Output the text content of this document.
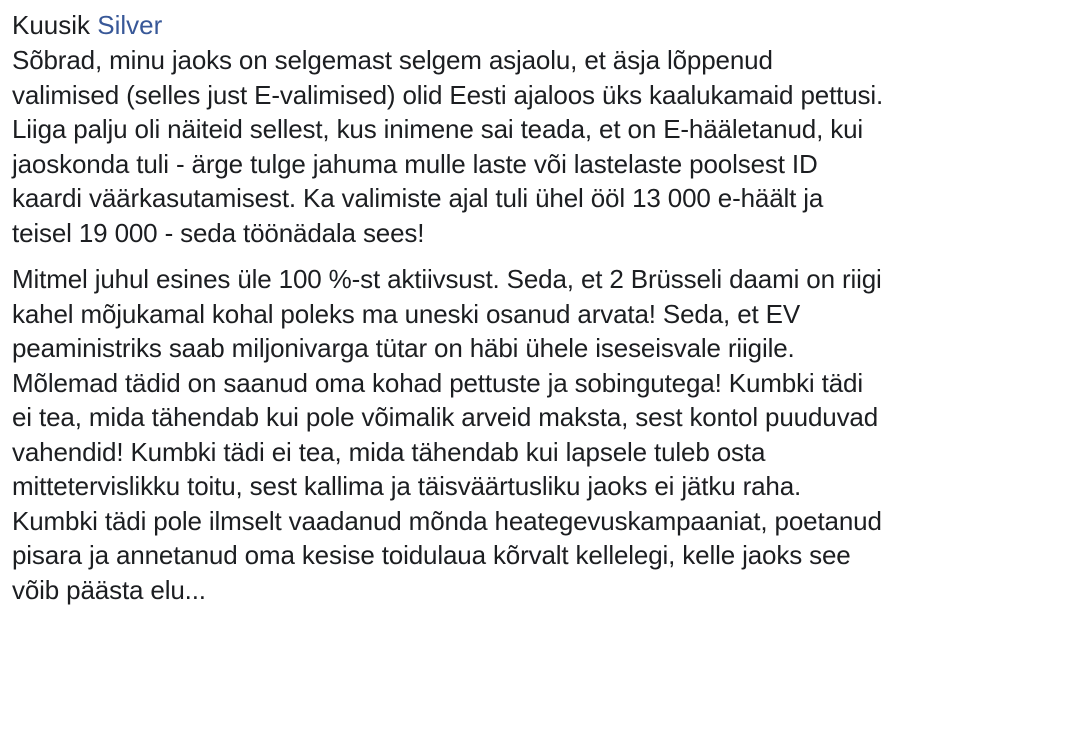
Kuusik Silver
Sõbrad, minu jaoks on selgemast selgem asjaolu, et äsja lõppenud
valimised (selles just E-valimised) olid Eesti ajaloos üks kaalukamaid pettusi.
Liiga palju oli näiteid sellest, kus inimene sai teada, et on E-hääletanud, kui
jaoskonda tuli - ärge tulge jahuma mulle laste või lastelaste poolsest ID
kaardi väärkasutamisest. Ka valimiste ajal tuli ühel ööl 13 000 e-häält ja
teisel 19 000 - seda töönädala sees!
Mitmel juhul esines üle 100 %-st aktiivsust. Seda, et 2 Brüsseli daami on riigi
kahel mõjukamal kohal poleks ma uneski osanud arvata! Seda, et EV
peaministriks saab miljonivarga tütar on häbi ühele iseseisvale riigile.
Mõlemad tädid on saanud oma kohad pettuste ja sobingutega! Kumbki tädi
ei tea, mida tähendab kui pole võimalik arveid maksta, sest kontol puuduvad
vahendid! Kumbki tädi ei tea, mida tähendab kui lapsele tuleb osta
mittetervislikku toitu, sest kallima ja täisväärtusliku jaoks ei jätku raha.
Kumbki tädi pole ilmselt vaadanud mõnda heategevuskampaaniat, poetanud
pisara ja annetanud oma kesise toidulaua kõrvalt kellelegi, kelle jaoks see
võib päästa elu...
